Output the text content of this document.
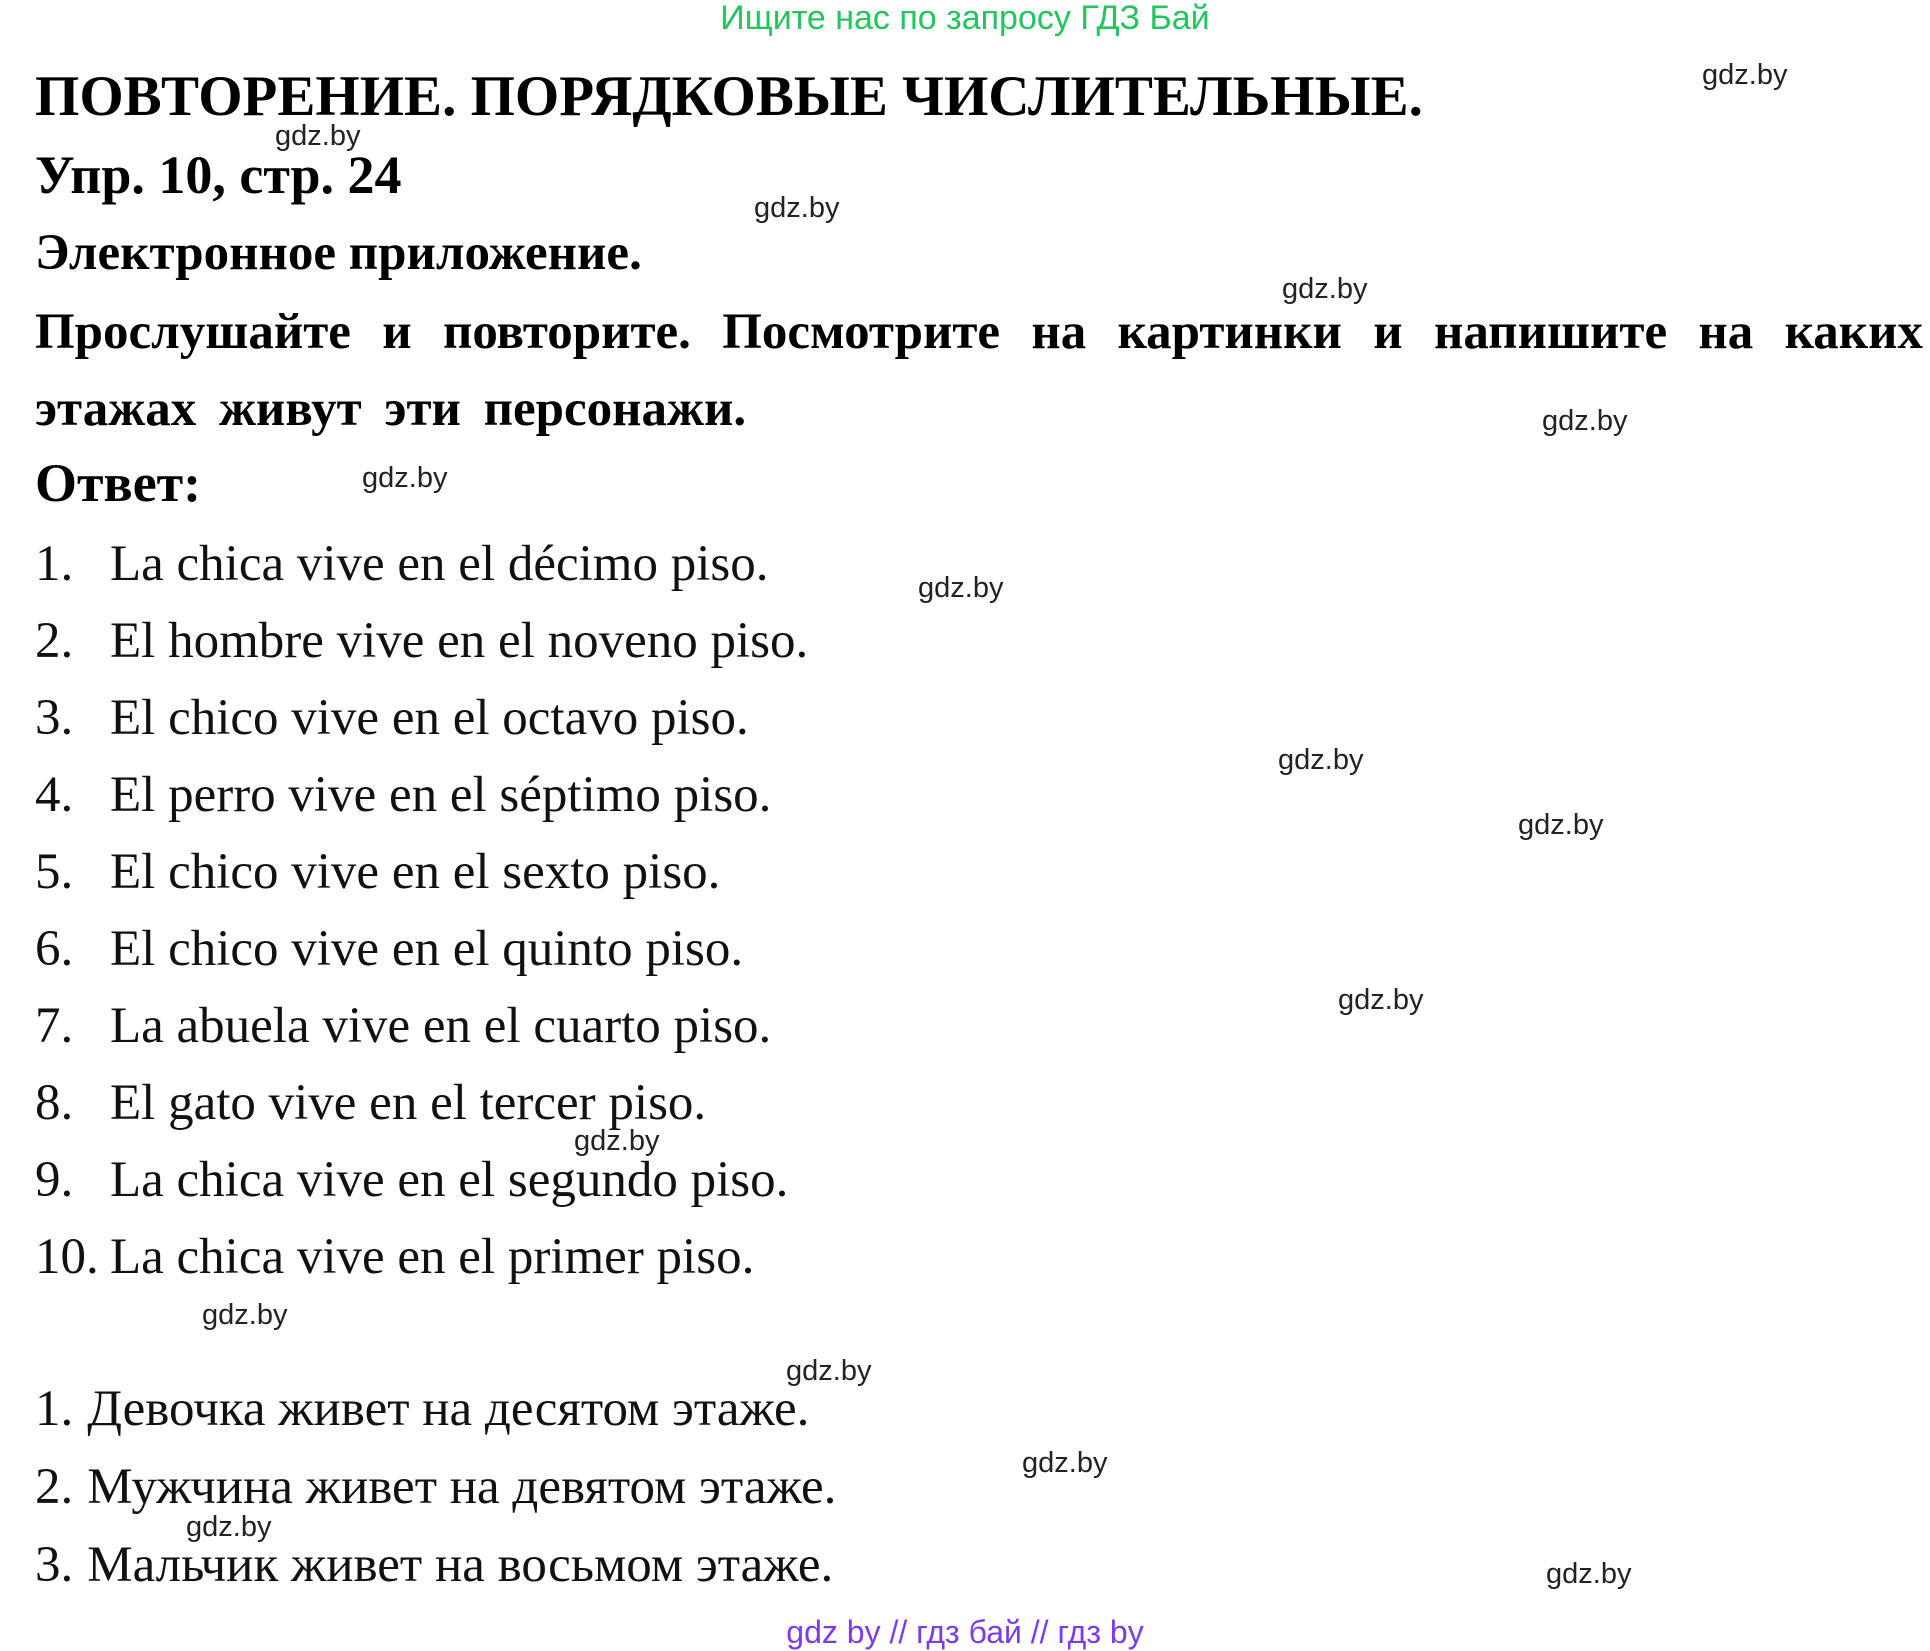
Ищите нас по запросу ГДЗ Бай
ПОВТОРЕНИЕ. ПОРЯДКОВЫЕ ЧИСЛИТЕЛЬНЫЕ.
Упр. 10, стр. 24
Электронное приложение.
Прослушайте и повторите. Посмотрите на картинки и напишите на каких этажах живут эти персонажи.
Ответ:
1. La chica vive en el décimo piso.
2. El hombre vive en el noveno piso.
3. El chico vive en el octavo piso.
4. El perro vive en el séptimo piso.
5. El chico vive en el sexto piso.
6. El chico vive en el quinto piso.
7. La abuela vive en el cuarto piso.
8. El gato vive en el tercer piso.
9. La chica vive en el segundo piso.
10. La chica vive en el primer piso.
1. Девочка живет на десятом этаже.
2. Мужчина живет на девятом этаже.
3. Мальчик живет на восьмом этаже.
gdz.by
gdz.by
gdz.by
gdz.by
gdz.by
gdz.by
gdz.by
gdz.by
gdz.by
gdz.by
gdz.by
gdz.by
gdz.by
gdz.by
gdz.by
gdz.by
gdz by // гдз бай // гдз by
